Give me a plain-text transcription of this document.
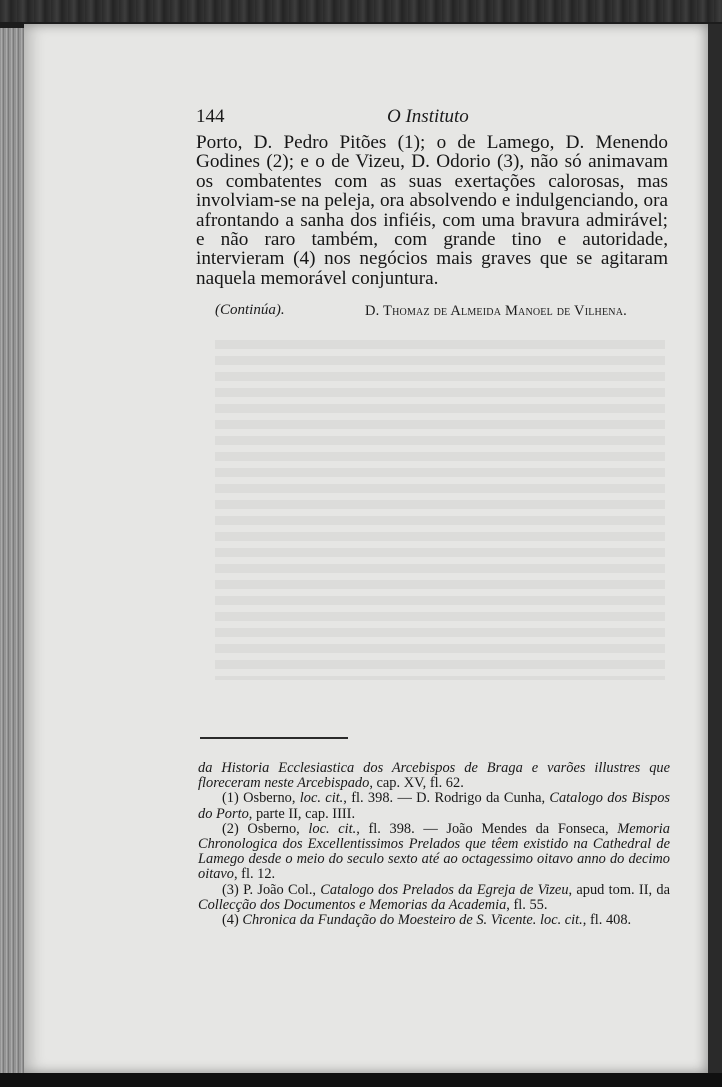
144	O Instituto

Porto, D. Pedro Pitões (1); o de Lamego, D. Menendo Godines (2); e o de Vizeu, D. Odorio (3), não só animavam os combatentes com as suas exertações calorosas, mas involviam-se na peleja, ora absolvendo e indulgenciando, ora afrontando a sanha dos infiéis, com uma bravura admirável; e não raro também, com grande tino e autoridade, intervieram (4) nos negócios mais graves que se agitaram naquela memorável conjuntura.

(Continúa).	D. Thomaz de Almeida Manoel de Vilhena.

da Historia Ecclesiastica dos Arcebispos de Braga e varões illustres que floreceram neste Arcebispado, cap. XV, fl. 62.

(1) Osberno, loc. cit., fl. 398. — D. Rodrigo da Cunha, Catalogo dos Bispos do Porto, parte II, cap. IIII.

(2) Osberno, loc. cit., fl. 398. — João Mendes da Fonseca, Memoria Chronologica dos Excellentissimos Prelados que têem existido na Cathedral de Lamego desde o meio do seculo sexto até ao octagessimo oitavo anno do decimo oitavo, fl. 12.

(3) P. João Col., Catalogo dos Prelados da Egreja de Vizeu, apud tom. II, da Collecção dos Documentos e Memorias da Academia, fl. 55.

(4) Chronica da Fundação do Moesteiro de S. Vicente. loc. cit., fl. 408.
